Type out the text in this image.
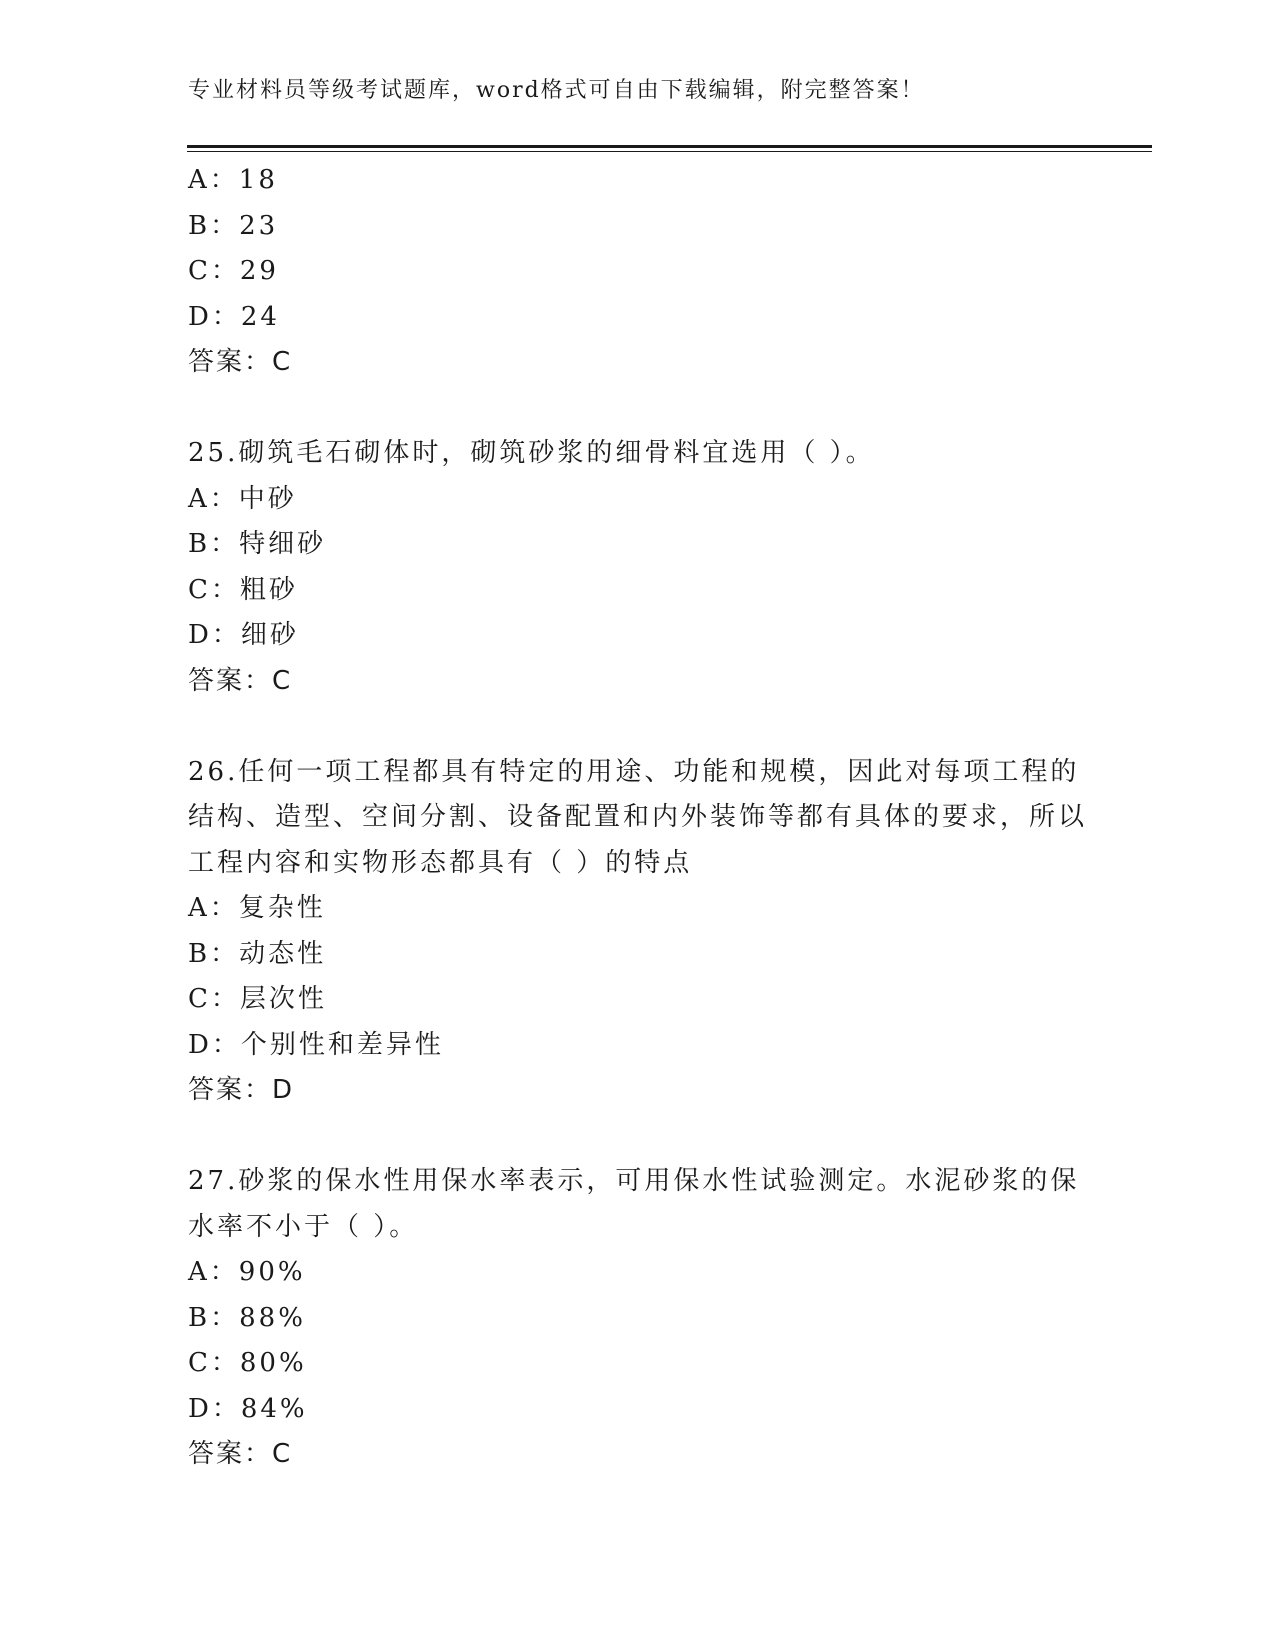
专业材料员等级考试题库，word格式可自由下载编辑，附完整答案！
A：18
B：23
C：29
D：24
答案：C
25.砌筑毛石砌体时，砌筑砂浆的细骨料宜选用（ ）。
A：中砂
B：特细砂
C：粗砂
D：细砂
答案：C
26.任何一项工程都具有特定的用途、功能和规模，因此对每项工程的结构、造型、空间分割、设备配置和内外装饰等都有具体的要求，所以工程内容和实物形态都具有（ ）的特点
A：复杂性
B：动态性
C：层次性
D：个别性和差异性
答案：D
27.砂浆的保水性用保水率表示，可用保水性试验测定。水泥砂浆的保水率不小于（ ）。
A：90%
B：88%
C：80%
D：84%
答案：C
